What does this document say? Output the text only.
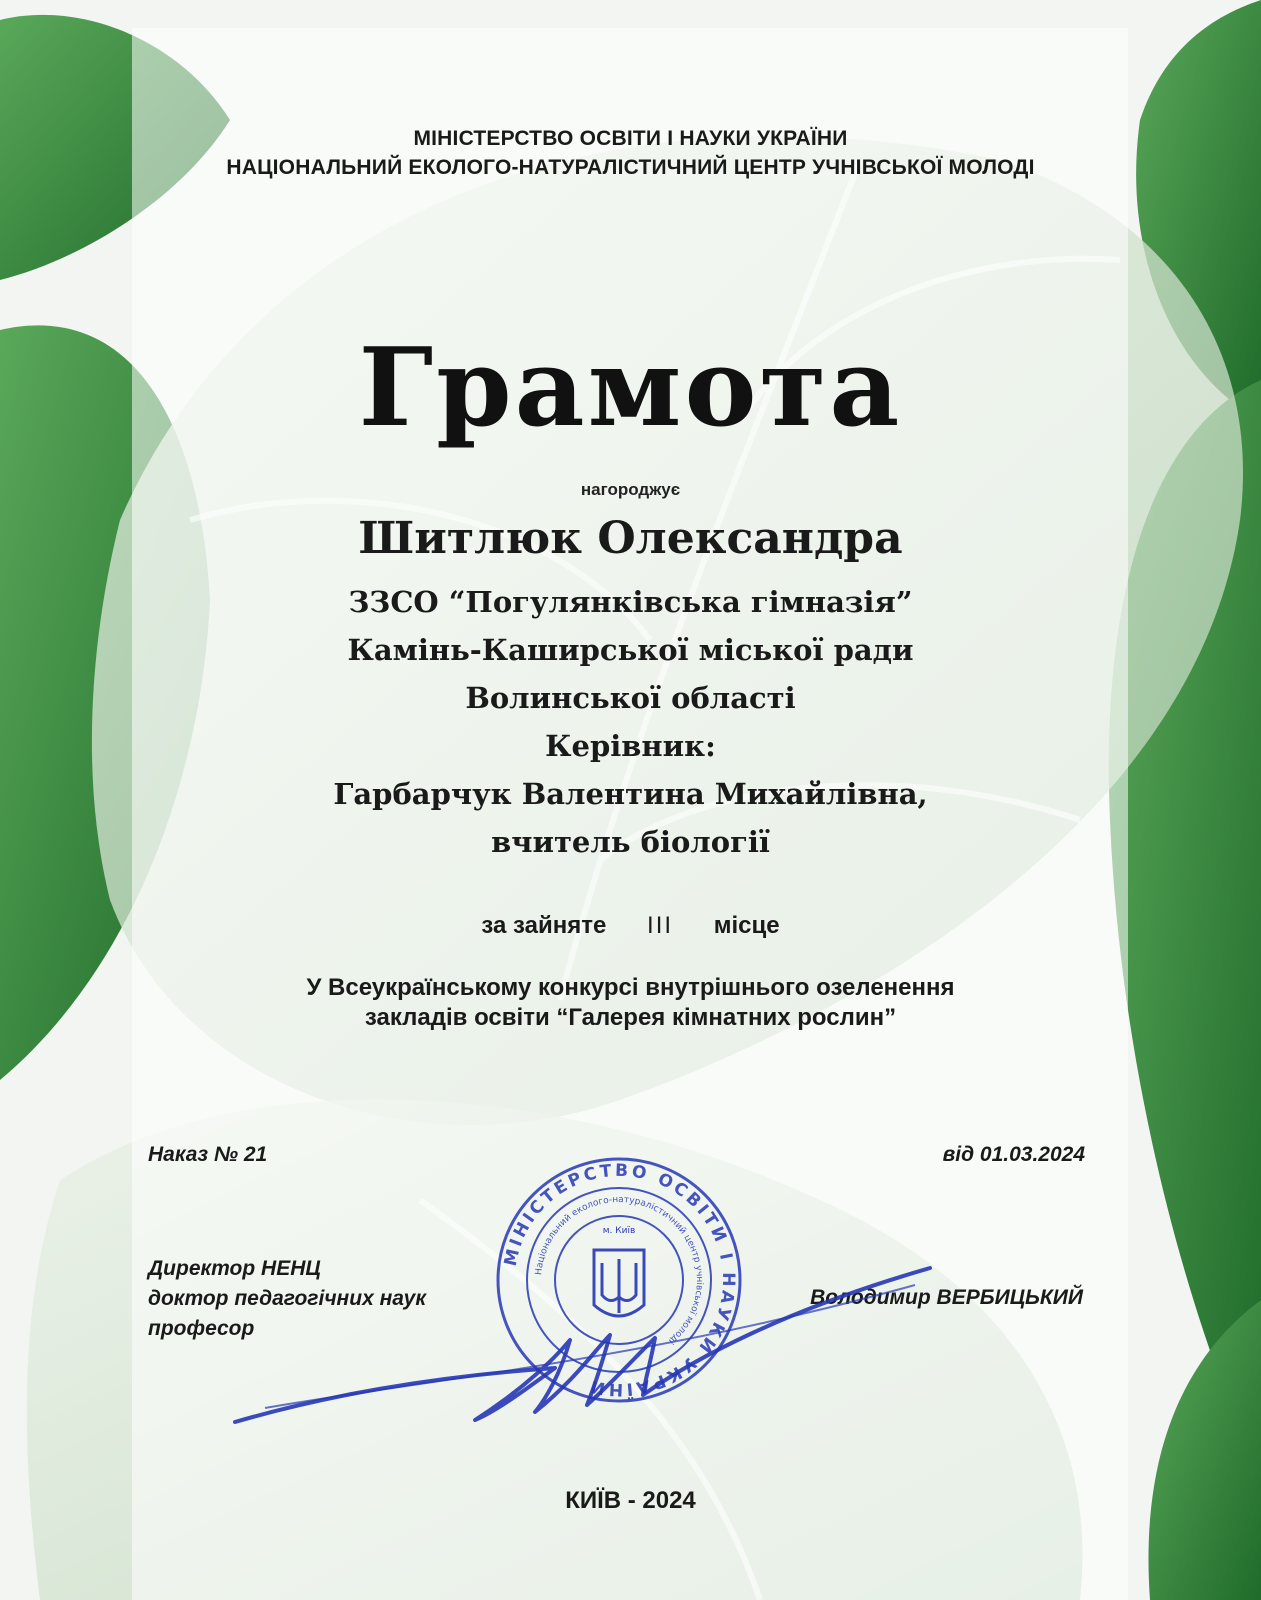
МІНІСТЕРСТВО ОСВІТИ І НАУКИ УКРАЇНИ

НАЦІОНАЛЬНИЙ ЕКОЛОГО-НАТУРАЛІСТИЧНИЙ ЦЕНТР УЧНІВСЬКОЇ МОЛОДІ

Грамота

нагороджує

Шитлюк Олександра

ЗЗСО “Погулянківська гімназія”

Камінь-Каширської міської ради

Волинської області

Керівник:

Гарбарчук Валентина Михайлівна,

вчитель біології

за зайняте III місце

У Всеукраїнському конкурсі внутрішнього озеленення

закладів освіти “Галерея кімнатних рослин”

Наказ № 21	від 01.03.2024

Директор НЕНЦ

доктор педагогічних наук

професор

Володимир ВЕРБИЦЬКИЙ

МІНІСТЕРСТВО ОСВІТИ І НАУКИ УКРАЇНИ
Національний еколого-натуралістичний центр учнівської молоді
м. Київ

КИЇВ - 2024
